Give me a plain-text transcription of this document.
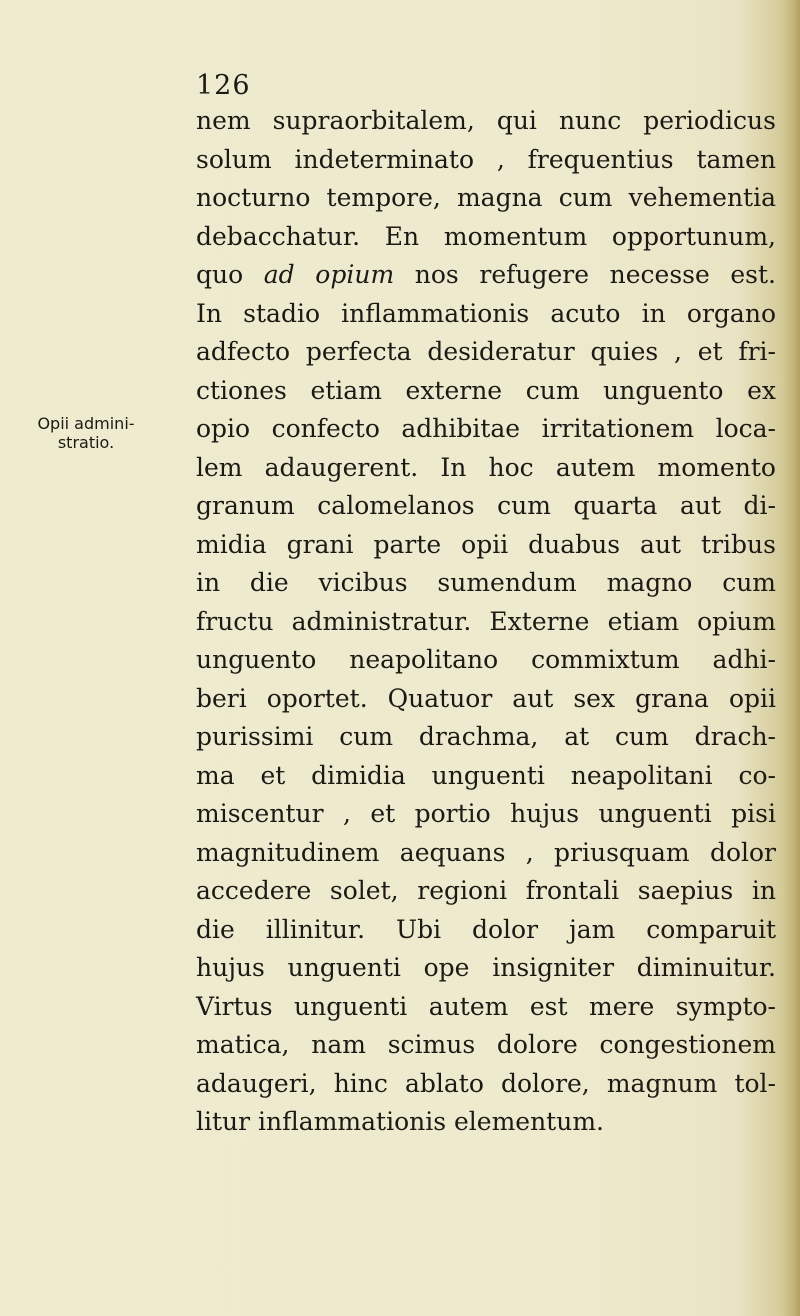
126
Opii admini-
stratio.
nem supraorbitalem, qui nunc periodicus
solum indeterminato , frequentius tamen
nocturno tempore, magna cum vehementia
debacchatur. En momentum opportunum,
quo ad opium nos refugere necesse est.
In stadio inflammationis acuto in organo
adfecto perfecta desideratur quies , et fri-
ctiones etiam externe cum unguento ex
opio confecto adhibitae irritationem loca-
lem adaugerent. In hoc autem momento
granum calomelanos cum quarta aut di-
midia grani parte opii duabus aut tribus
in die vicibus sumendum magno cum
fructu administratur. Externe etiam opium
unguento neapolitano commixtum adhi-
beri oportet. Quatuor aut sex grana opii
purissimi cum drachma, at cum drach-
ma et dimidia unguenti neapolitani co-
miscentur , et portio hujus unguenti pisi
magnitudinem aequans , priusquam dolor
accedere solet, regioni frontali saepius in
die illinitur. Ubi dolor jam comparuit
hujus unguenti ope insigniter diminuitur.
Virtus unguenti autem est mere sympto-
matica, nam scimus dolore congestionem
adaugeri, hinc ablato dolore, magnum tol-
litur inflammationis elementum.
